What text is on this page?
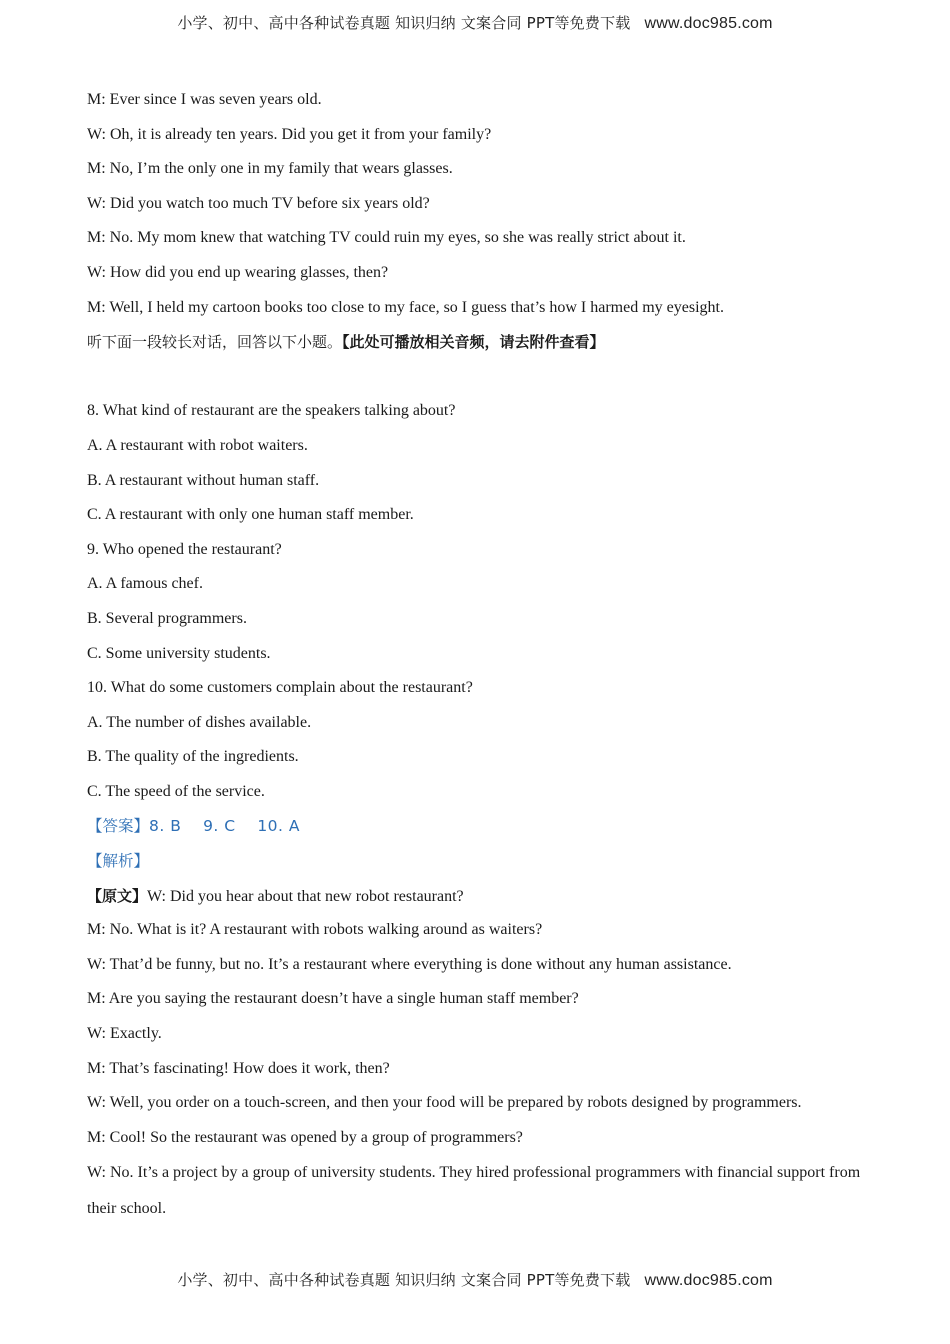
小学、初中、高中各种试卷真题 知识归纳 文案合同 PPT等免费下载 www.doc985.com
M: Ever since I was seven years old.
W: Oh, it is already ten years. Did you get it from your family?
M: No, I’m the only one in my family that wears glasses.
W: Did you watch too much TV before six years old?
M: No. My mom knew that watching TV could ruin my eyes, so she was really strict about it.
W: How did you end up wearing glasses, then?
M: Well, I held my cartoon books too close to my face, so I guess that’s how I harmed my eyesight.
听下面一段较长对话，回答以下小题。【此处可播放相关音频，请去附件查看】
8. What kind of restaurant are the speakers talking about?
A. A restaurant with robot waiters.
B. A restaurant without human staff.
C. A restaurant with only one human staff member.
9. Who opened the restaurant?
A. A famous chef.
B. Several programmers.
C. Some university students.
10. What do some customers complain about the restaurant?
A. The number of dishes available.
B. The quality of the ingredients.
C. The speed of the service.
【答案】8. B    9. C    10. A
【解析】
【原文】W: Did you hear about that new robot restaurant?
M: No. What is it? A restaurant with robots walking around as waiters?
W: That’d be funny, but no. It’s a restaurant where everything is done without any human assistance.
M: Are you saying the restaurant doesn’t have a single human staff member?
W: Exactly.
M: That’s fascinating! How does it work, then?
W: Well, you order on a touch-screen, and then your food will be prepared by robots designed by programmers.
M: Cool! So the restaurant was opened by a group of programmers?
W: No. It’s a project by a group of university students. They hired professional programmers with financial support from their school.
小学、初中、高中各种试卷真题 知识归纳 文案合同 PPT等免费下载 www.doc985.com
